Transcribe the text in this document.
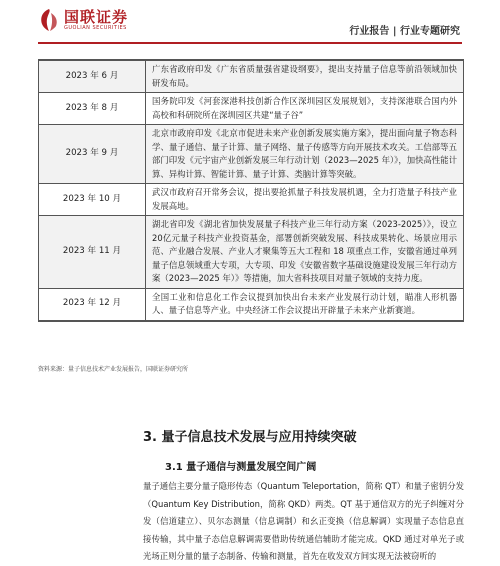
国联证券
GUOLIAN SECURITIES	行业报告 | 行业专题研究
2023 年 6 月	广东省政府印发《广东省质量强省建设纲要》，提出支持量子信息等前沿领域加快研发布局。
2023 年 8 月	国务院印发《河套深港科技创新合作区深圳园区发展规划》，支持深港联合国内外高校和科研院所在深圳园区共建“量子谷”
2023 年 9 月	北京市政府印发《北京市促进未来产业创新发展实施方案》，提出面向量子物态科学、量子通信、量子计算、量子网络、量子传感等方向开展技术攻关。工信部等五部门印发《元宇宙产业创新发展三年行动计划（2023—2025 年）》，加快高性能计算、异构计算、智能计算、量子计算、类脑计算等突破。
2023 年 10 月	武汉市政府召开常务会议，提出要抢抓量子科技发展机遇，全力打造量子科技产业发展高地。
2023 年 11 月	湖北省印发《湖北省加快发展量子科技产业三年行动方案（2023-2025）》，设立20亿元量子科技产业投资基金，部署创新突破发展、科技成果转化、场景应用示范、产业融合发展、产业人才聚集等五大工程和 18 项重点工作，安徽省通过单列量子信息领域重大专项，大专项、印发《安徽省数字基础设施建设发展三年行动方案（2023—2025 年）》等措施，加大省科技项目对量子领域的支持力度。
2023 年 12 月	全国工业和信息化工作会议提到加快出台未来产业发展行动计划，瞄准人形机器人、量子信息等产业。中央经济工作会议提出开辟量子未来产业新赛道。
资料来源：量子信息技术产业发展报告，国联证券研究所
3. 量子信息技术发展与应用持续突破
3.1 量子通信与测量发展空间广阔
量子通信主要分量子隐形传态（Quantum Teleportation，简称 QT）和量子密钥分发（Quantum Key Distribution，简称 QKD）两类。QT 基于通信双方的光子纠缠对分发（信道建立）、贝尔态测量（信息调制）和幺正变换（信息解调）实现量子态信息直接传输，其中量子态信息解调需要借助传统通信辅助才能完成。QKD 通过对单光子或光场正则分量的量子态制备、传输和测量，首先在收发双方间实现无法被窃听的
